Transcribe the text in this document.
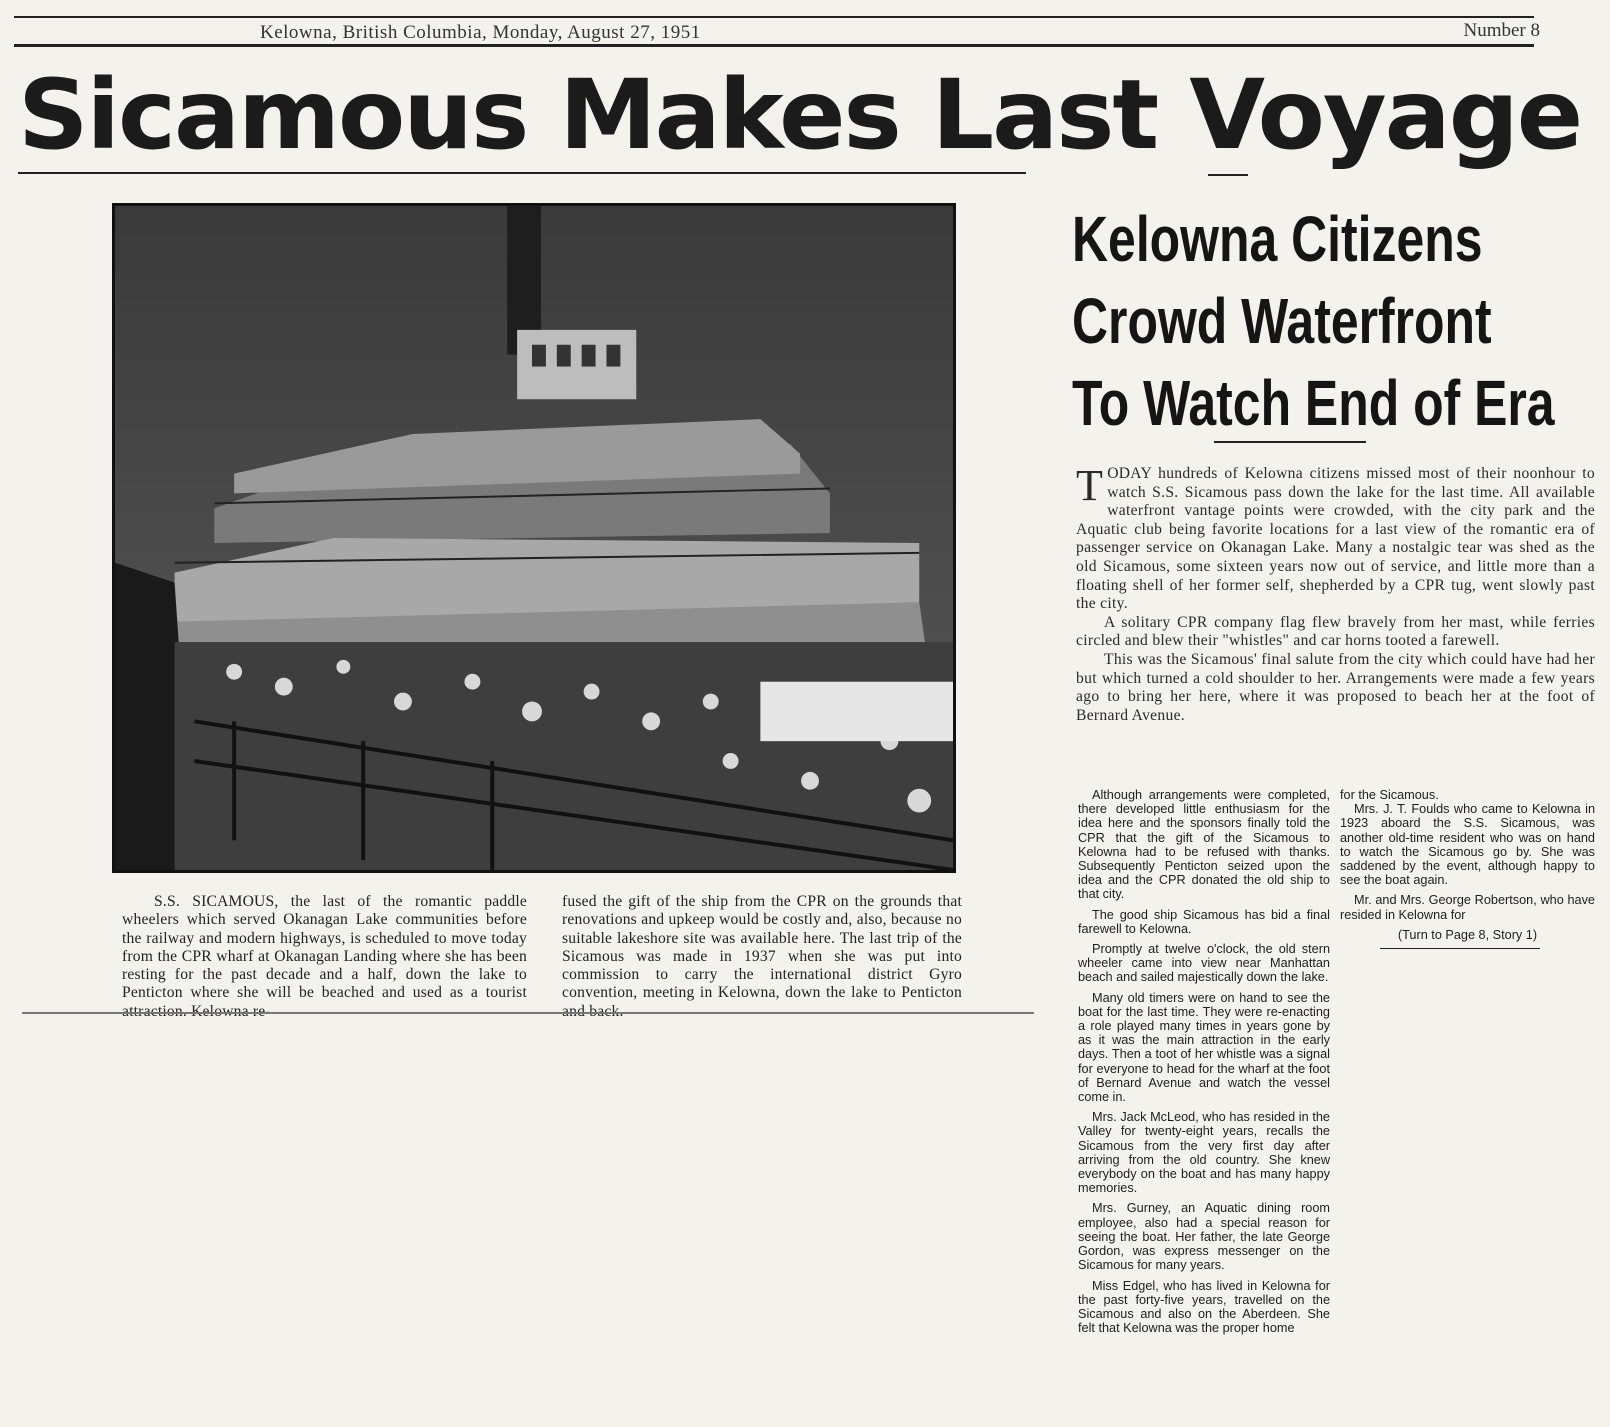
Kelowna, British Columbia, Monday, August 27, 1951	Number 8
Sicamous Makes Last Voyage
S.S. SICAMOUS, the last of the romantic paddle wheelers which served Okanagan Lake communities before the railway and modern highways, is scheduled to move today from the CPR wharf at Okanagan Landing where she has been resting for the past decade and a half, down the lake to Penticton where she will be beached and used as a tourist
fused the gift of the ship from the CPR on the grounds that renovations and upkeep would be costly and, also, because no suitable lakeshore site was available here. The last trip of the Sicamous was made in 1937 when she was put into commission to carry the international district Gyro convention, meeting in Kelowna, down the lake to Penticton
Kelowna Citizens
Crowd Waterfront
To Watch End of Era

TODAY hundreds of Kelowna citizens missed most of their noonhour to watch S.S. Sicamous pass down the lake for the last time. All available waterfront vantage points were crowded, with the city park and the Aquatic club being favorite locations for a last view of the romantic era of passenger service on Okanagan Lake. Many a nostalgic tear was shed as the old Sicamous, some sixteen years now out of service, and little more than a floating shell of her former self, shepherded by a CPR tug, went slowly past the city.

A solitary CPR company flag flew bravely from her mast, while ferries circled and blew their "whistles" and car horns tooted a farewell.

This was the Sicamous' final salute from the city which could have had her but which turned a cold shoulder to her. Arrangements were made a few years ago to bring her here, where it was proposed to beach her at the foot of Bernard Avenue.

Although arrangements were completed, there developed little enthusiasm for the idea here and the sponsors finally told the CPR that the gift of the Sicamous to Kelowna had to be refused with thanks. Subsequently Penticton seized upon the idea and the CPR donated the old ship to that city.

The good ship Sicamous has bid a final farewell to Kelowna.

Promptly at twelve o'clock, the old stern wheeler came into view near Manhattan beach and sailed majestically down the lake.

Many old timers were on hand to see the boat for the last time. They were re-enacting a role played many times in years gone by as it was the main attraction in the early days. Then a toot of her whistle was a signal for everyone to head for the wharf at the foot of Bernard Avenue and watch the vessel come in.

Mrs. Jack McLeod, who has resided in the Valley for twenty-eight years, recalls the Sicamous from the very first day after arriving from the old country. She knew everybody on the boat and has many happy memories.

Mrs. Gurney, an Aquatic dining room employee, also had a special reason for seeing the boat. Her father, the late George Gordon, was express messenger on the Sicamous for many years.

Miss Edgel, who has lived in Kelowna for the past forty-five years, travelled on the Sicamous and also on the Aberdeen. She felt that Kelowna was the proper home

for the Sicamous.

Mrs. J. T. Foulds who came to Kelowna in 1923 aboard the S.S. Sicamous, was another old-time resident who was on hand to watch the Sicamous go by. She was saddened by the event, although happy to see the boat again.

Mr. and Mrs. George Robertson, who have resided in Kelowna for

(Turn to Page 8, Story 1)
